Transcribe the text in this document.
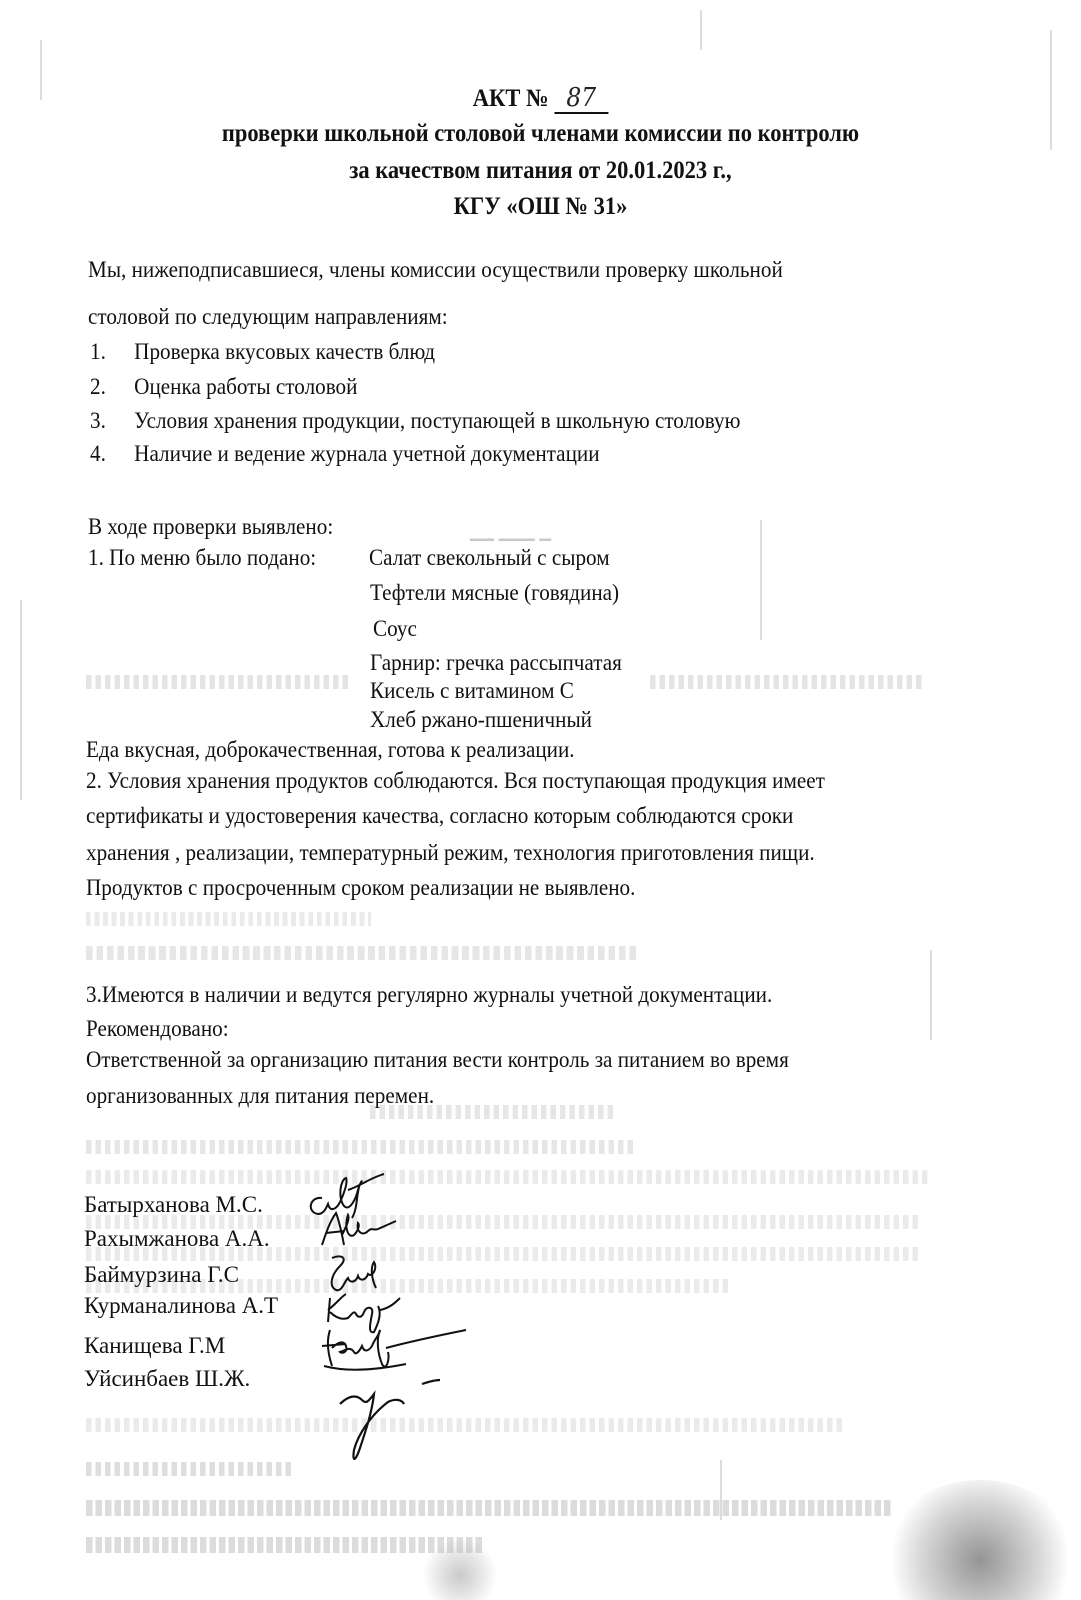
АКТ № 87
проверки школьной столовой членами комиссии по контролю
за качеством питания от 20.01.2023 г.,
КГУ «ОШ № 31»
Мы, нижеподписавшиеся, члены комиссии осуществили проверку школьной
столовой по следующим направлениям:
1. Проверка вкусовых качеств блюд
2. Оценка работы столовой
3. Условия хранения продукции, поступающей в школьную столовую
4. Наличие и ведение журнала учетной документации
▁▁ ▁▁▁ ▁
В ходе проверки выявлено:
1. По меню было подано: Салат свекольный с сыром
Тефтели мясные (говядина)
Соус
Гарнир: гречка рассыпчатая
Кисель с витамином С
Хлеб ржано-пшеничный
Еда вкусная, доброкачественная, готова к реализации.
2. Условия хранения продуктов соблюдаются. Вся поступающая продукция имеет
сертификаты и удостоверения качества, согласно которым соблюдаются сроки
хранения , реализации, температурный режим, технология приготовления пищи.
Продуктов с просроченным сроком реализации не выявлено.
3.Имеются в наличии и ведутся регулярно журналы учетной документации.
Рекомендовано:
Ответственной за организацию питания вести контроль за питанием во время
организованных для питания перемен.
Батырханова М.С.
Рахымжанова А.А.
Баймурзина Г.С
Курманалинова А.Т
Канищева Г.М
Уйсинбаев Ш.Ж.
